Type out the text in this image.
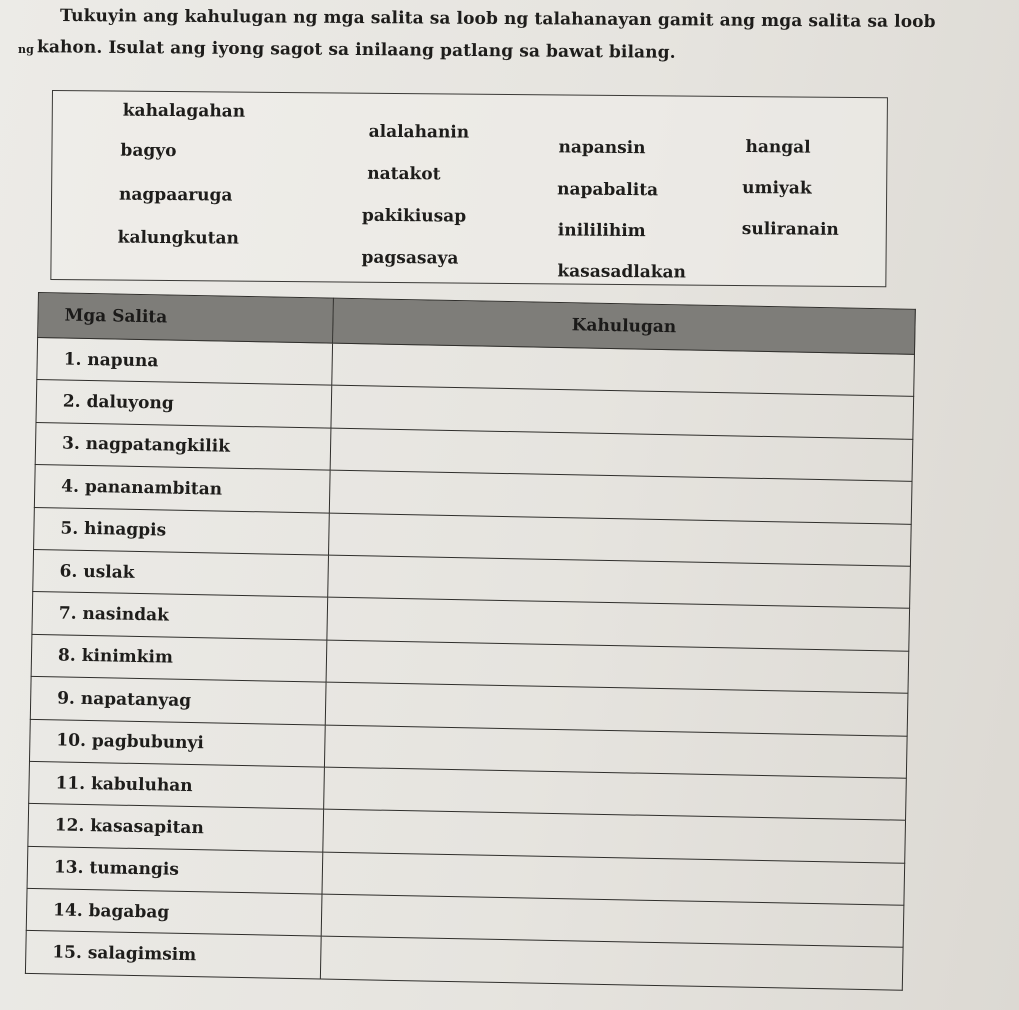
Tukuyin ang kahulugan ng mga salita sa loob ng talahanayan gamit ang mga salita sa loob
ng kahon. Isulat ang iyong sagot sa inilaang patlang sa bawat bilang.
kahalagahan
bagyo
nagpaaruga
kalungkutan
alalahanin
natakot
pakikiusap
pagsasaya
napansin
napabalita
inililihim
kasasadlakan
hangal
umiyak
suliranain
Mga Salita	Kahulugan
1. napuna	
2. daluyong	
3. nagpatangkilik	
4. pananambitan	
5. hinagpis	
6. uslak	
7. nasindak	
8. kinimkim	
9. napatanyag	
10. pagbubunyi	
11. kabuluhan	
12. kasasapitan	
13. tumangis	
14. bagabag	
15. salagimsim	
